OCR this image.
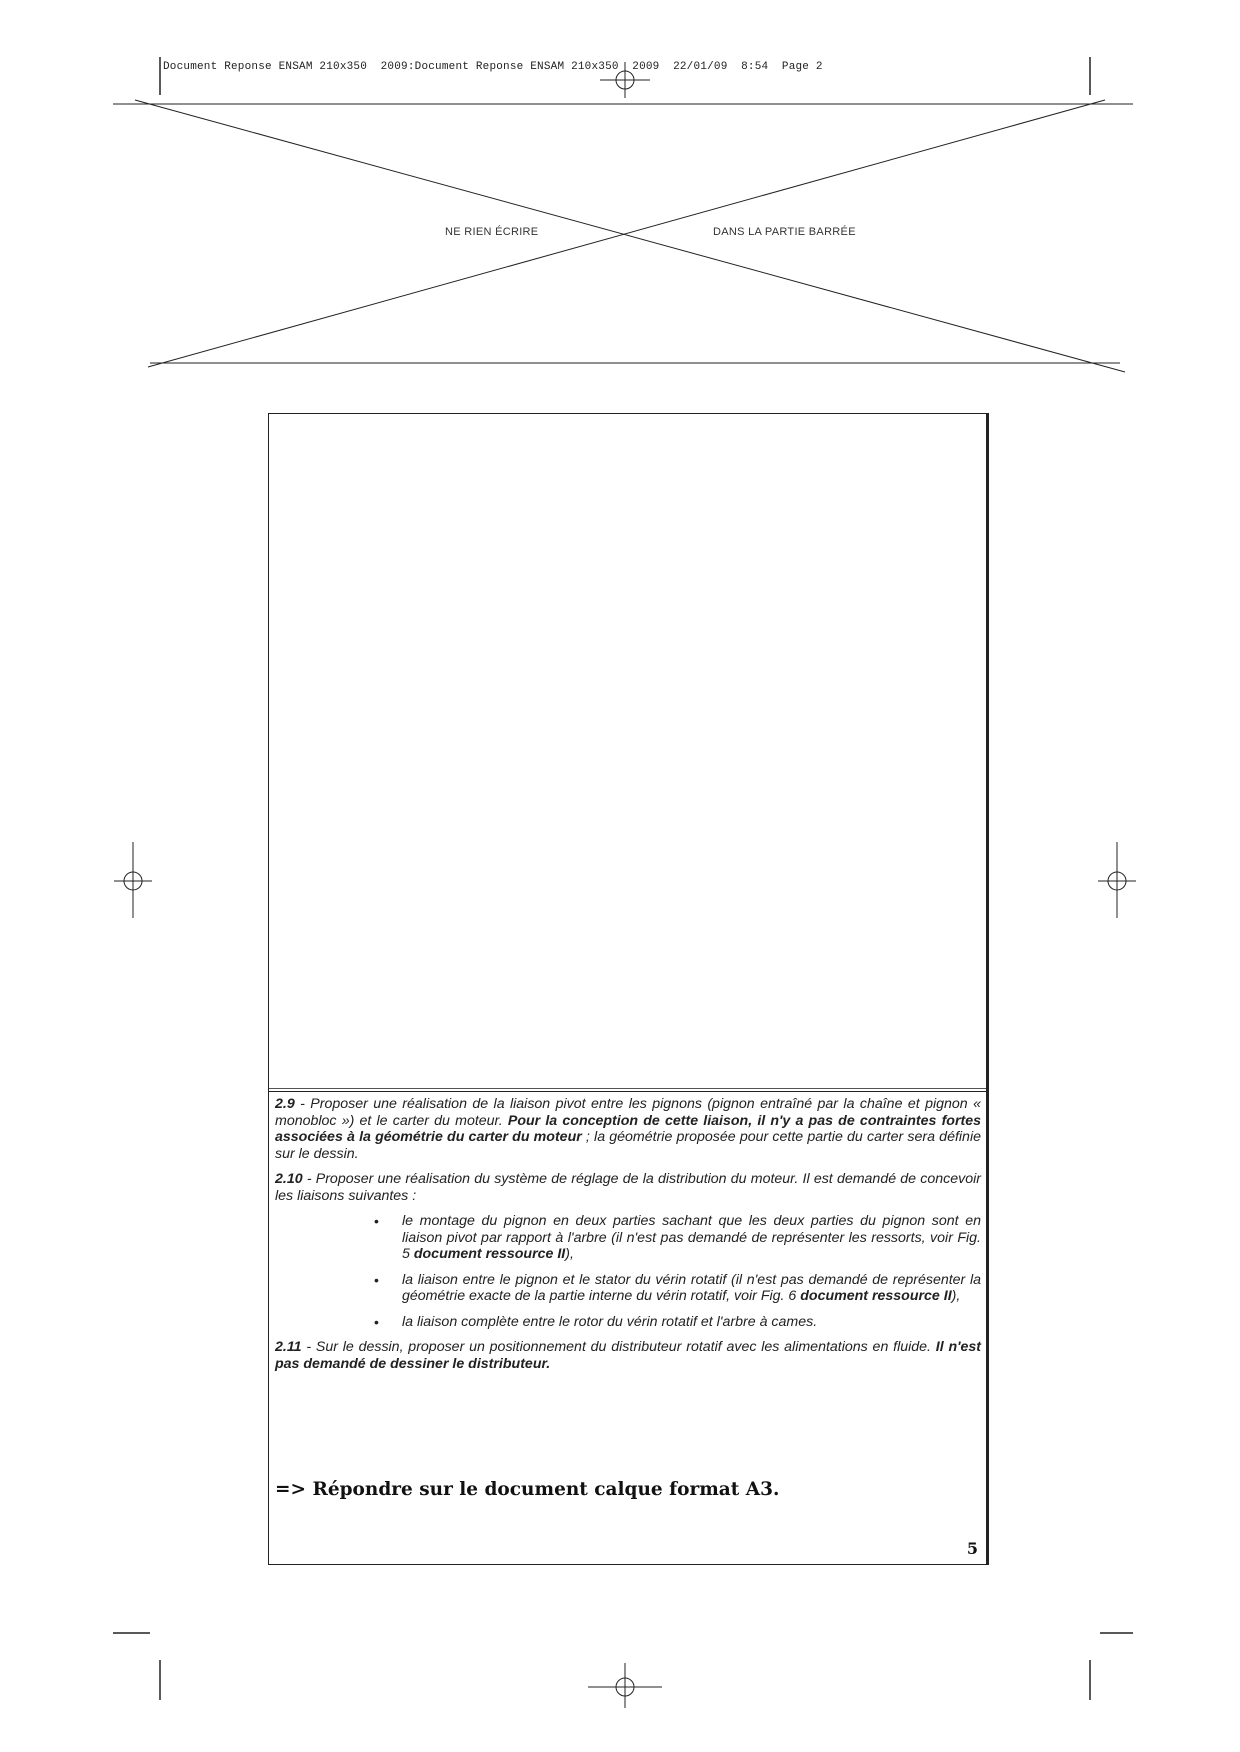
Document Reponse ENSAM 210x350  2009:Document Reponse ENSAM 210x350  2009  22/01/09  8:54  Page 2
NE RIEN ÉCRIRE	DANS LA PARTIE BARRÉE

2.9 - Proposer une réalisation de la liaison pivot entre les pignons (pignon entraîné par la chaîne et pignon « monobloc ») et le carter du moteur. Pour la conception de cette liaison, il n'y a pas de contraintes fortes associées à la géométrie du carter du moteur ; la géométrie proposée pour cette partie du carter sera définie sur le dessin.

2.10 - Proposer une réalisation du système de réglage de la distribution du moteur. Il est demandé de concevoir les liaisons suivantes :

• le montage du pignon en deux parties sachant que les deux parties du pignon sont en liaison pivot par rapport à l'arbre (il n'est pas demandé de représenter les ressorts, voir Fig. 5 document ressource II),
• la liaison entre le pignon et le stator du vérin rotatif (il n'est pas demandé de représenter la géométrie exacte de la partie interne du vérin rotatif, voir Fig. 6 document ressource II),
• la liaison complète entre le rotor du vérin rotatif et l'arbre à cames.

2.11 - Sur le dessin, proposer un positionnement du distributeur rotatif avec les alimentations en fluide. Il n'est pas demandé de dessiner le distributeur.

=> Répondre sur le document calque format A3.
5
